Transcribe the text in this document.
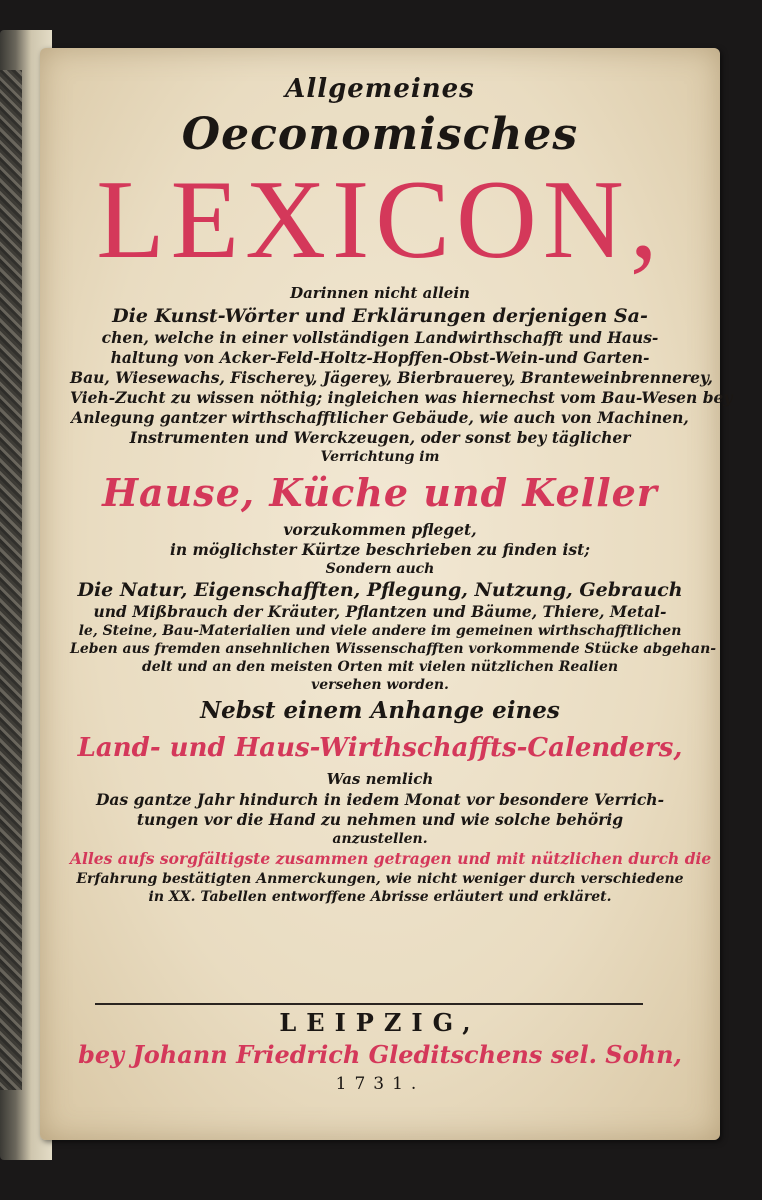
Allgemeines
Oeconomisches
LEXICON,
Darinnen nicht allein
Die Kunst-Wörter und Erklärungen derjenigen Sa-
chen, welche in einer vollständigen Landwirthschafft und Haus-
haltung von Acker-Feld-Holtz-Hopffen-Obst-Wein-und Garten-
Bau, Wiesewachs, Fischerey, Jägerey, Bierbrauerey, Branteweinbrennerey,
Vieh-Zucht zu wissen nöthig; ingleichen was hiernechst vom Bau-Wesen bey
Anlegung gantzer wirthschafftlicher Gebäude, wie auch von Machinen,
Instrumenten und Werckzeugen, oder sonst bey täglicher
Verrichtung im
Hause, Küche und Keller
vorzukommen pfleget,
in möglichster Kürtze beschrieben zu finden ist;
Sondern auch
Die Natur, Eigenschafften, Pflegung, Nutzung, Gebrauch
und Mißbrauch der Kräuter, Pflantzen und Bäume, Thiere, Metal-
le, Steine, Bau-Materialien und viele andere im gemeinen wirthschafftlichen
Leben aus fremden ansehnlichen Wissenschafften vorkommende Stücke abgehan-
delt und an den meisten Orten mit vielen nützlichen Realien
versehen worden.
Nebst einem Anhange eines
Land- und Haus-Wirthschaffts-Calenders,
Was nemlich
Das gantze Jahr hindurch in iedem Monat vor besondere Verrich-
tungen vor die Hand zu nehmen und wie solche behörig
anzustellen.
Alles aufs sorgfältigste zusammen getragen und mit nützlichen durch die
Erfahrung bestätigten Anmerckungen, wie nicht weniger durch verschiedene
in XX. Tabellen entworffene Abrisse erläutert und erkläret.
LEIPZIG,
bey Johann Friedrich Gleditschens sel. Sohn,
1731.
